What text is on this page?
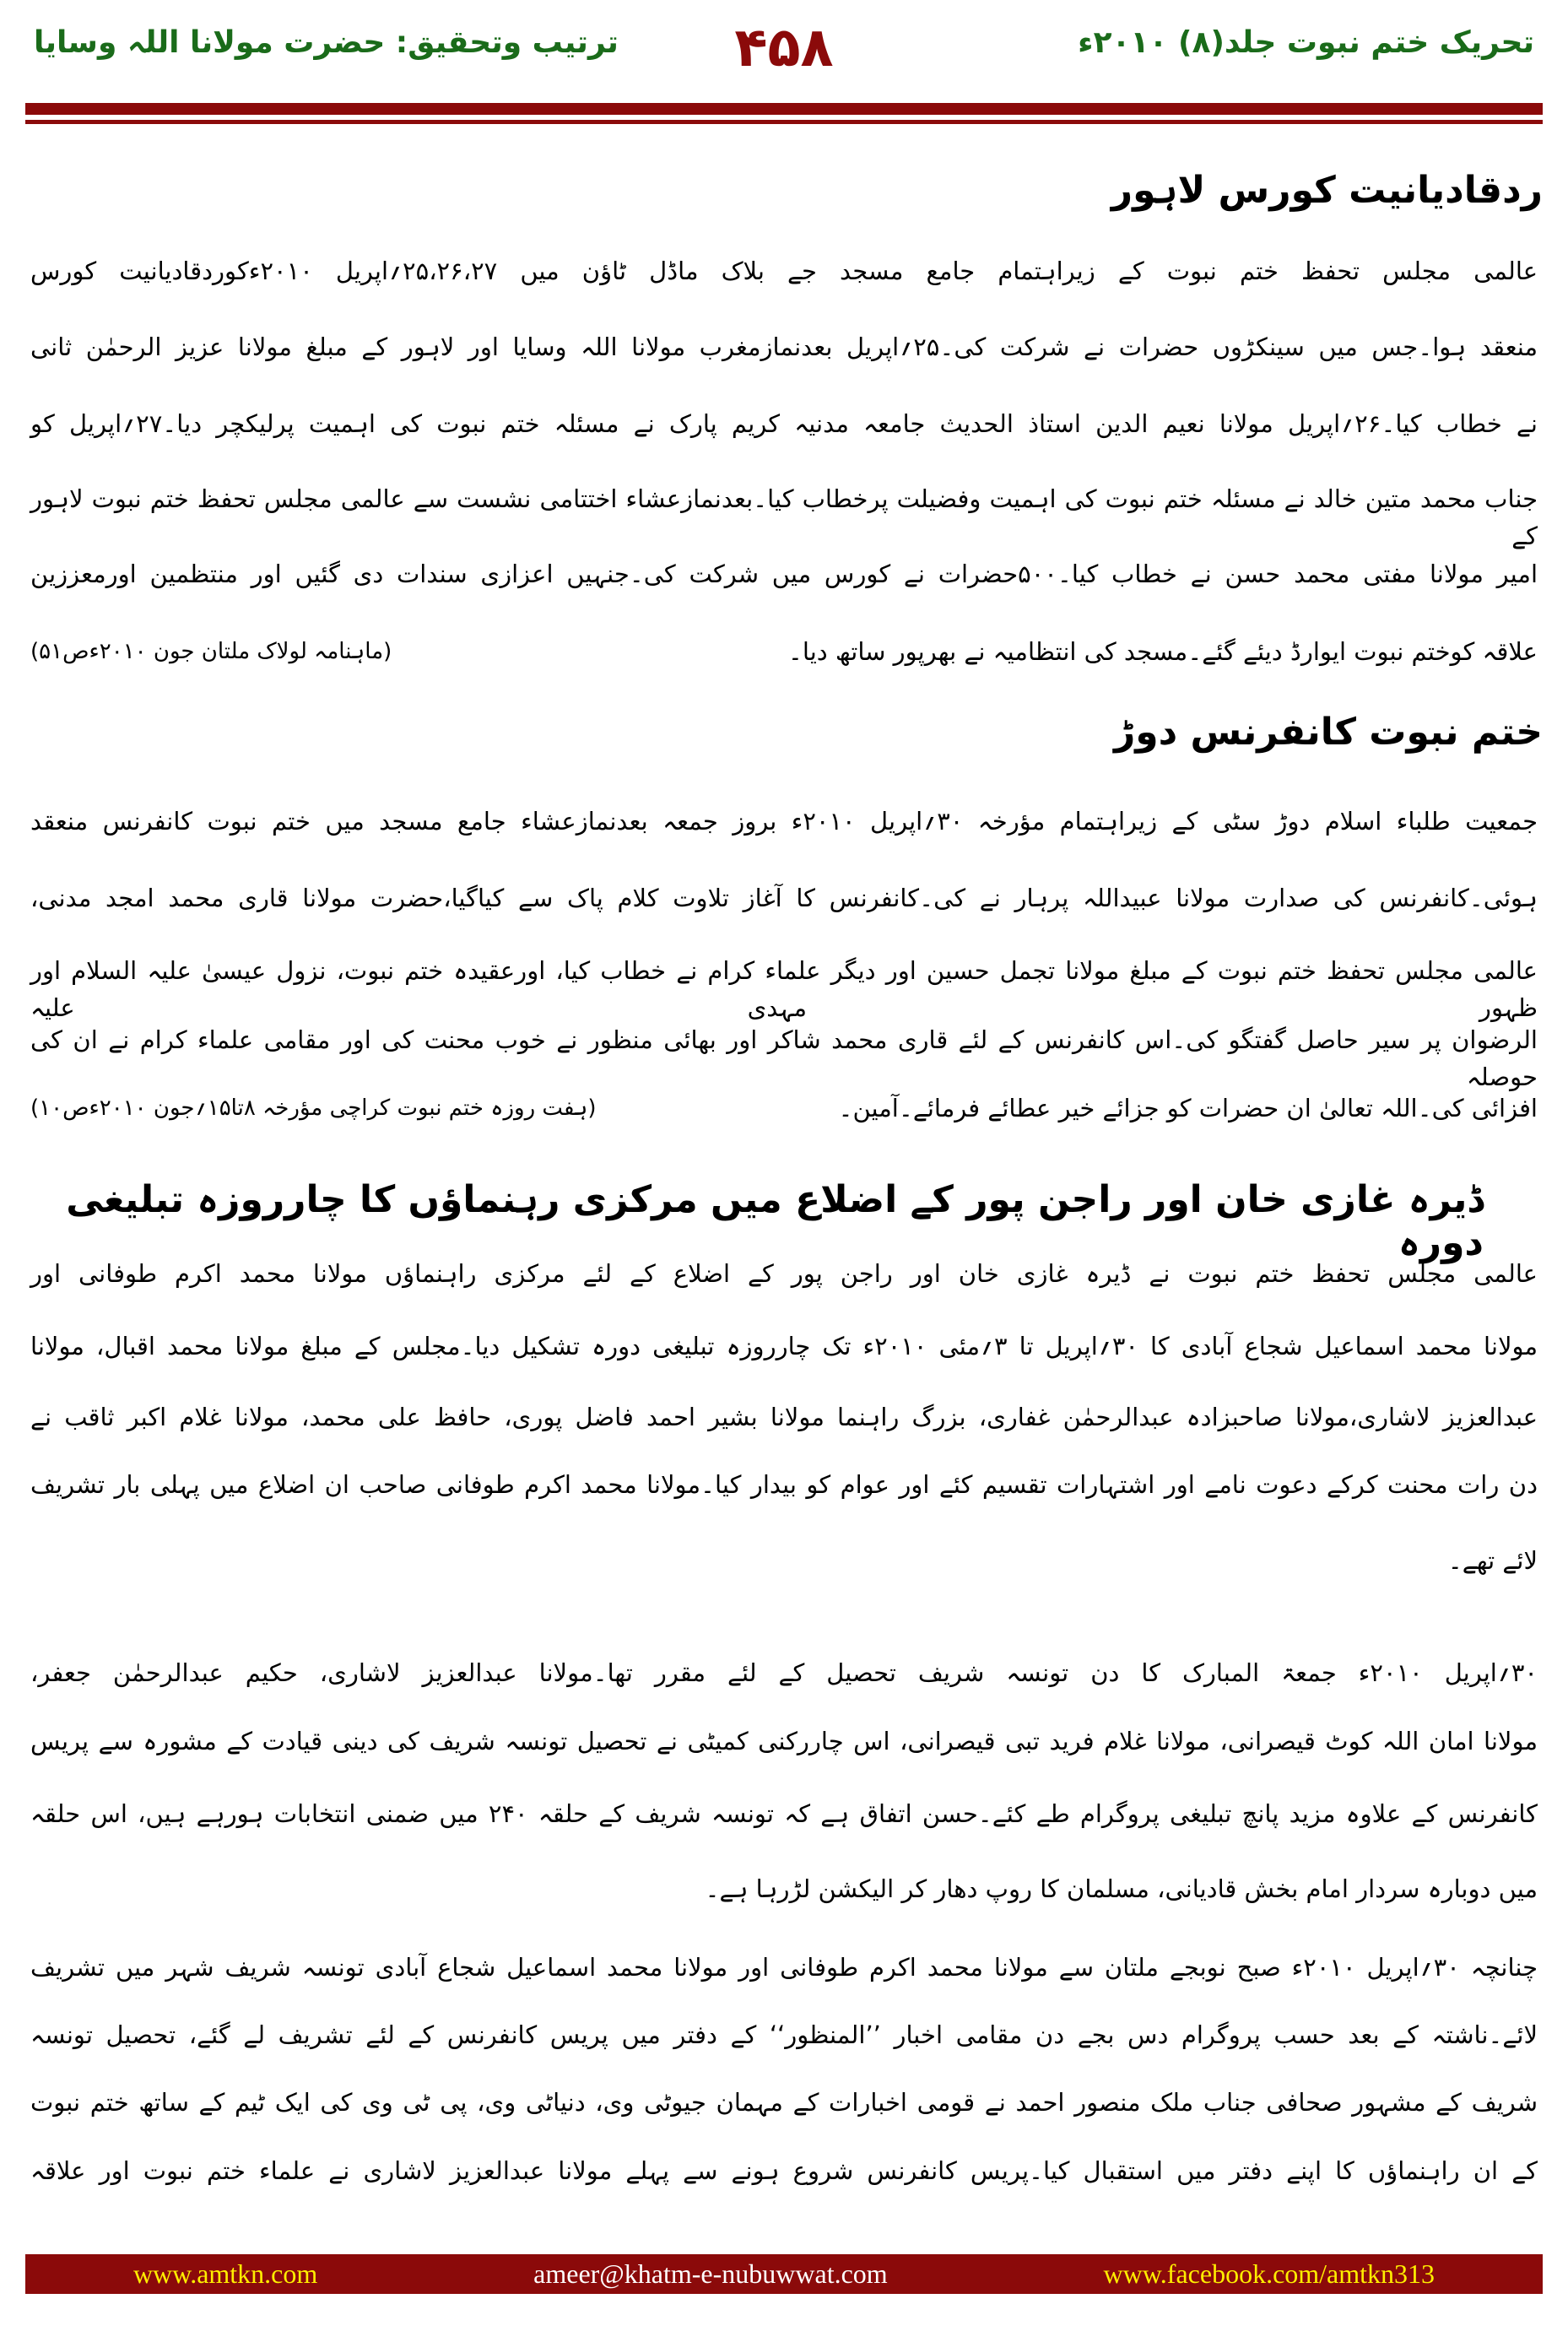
تحریک ختم نبوت جلد(۸) ۲۰۱۰ء
۴۵۸
ترتیب وتحقیق: حضرت مولانا اللہ وسایا
ردقادیانیت کورس لاہور
عالمی مجلس تحفظ ختم نبوت کے زیراہتمام جامع مسجد جے بلاک ماڈل ٹاؤن میں ۲۵،۲۶،۲۷؍اپریل ۲۰۱۰ءکوردقادیانیت کورس
منعقد ہوا۔جس میں سینکڑوں حضرات نے شرکت کی۔۲۵؍اپریل بعدنمازمغرب مولانا اللہ وسایا اور لاہور کے مبلغ مولانا عزیز الرحمٰن ثانی
نے خطاب کیا۔۲۶؍اپریل مولانا نعیم الدین استاذ الحدیث جامعہ مدنیہ کریم پارک نے مسئلہ ختم نبوت کی اہمیت پرلیکچر دیا۔۲۷؍اپریل کو
جناب محمد متین خالد نے مسئلہ ختم نبوت کی اہمیت وفضیلت پرخطاب کیا۔بعدنمازعشاء اختتامی نشست سے عالمی مجلس تحفظ ختم نبوت لاہور کے
امیر مولانا مفتی محمد حسن نے خطاب کیا۔۵۰۰حضرات نے کورس میں شرکت کی۔جنہیں اعزازی سندات دی گئیں اور منتظمین اورمعززین
علاقہ کوختم نبوت ایوارڈ دیئے گئے۔مسجد کی انتظامیہ نے بھرپور ساتھ دیا۔
(ماہنامہ لولاک ملتان جون ۲۰۱۰ءص۵۱)
ختم نبوت کانفرنس دوڑ
جمعیت طلباء اسلام دوڑ سٹی کے زیراہتمام مؤرخہ ۳۰؍اپریل ۲۰۱۰ء بروز جمعہ بعدنمازعشاء جامع مسجد میں ختم نبوت کانفرنس منعقد
ہوئی۔کانفرنس کی صدارت مولانا عبیداللہ پرہار نے کی۔کانفرنس کا آغاز تلاوت کلام پاک سے کیاگیا،حضرت مولانا قاری محمد امجد مدنی،
عالمی مجلس تحفظ ختم نبوت کے مبلغ مولانا تجمل حسین اور دیگر علماء کرام نے خطاب کیا، اورعقیدہ ختم نبوت، نزول عیسیٰ علیہ السلام اور ظہور مہدی علیہ
الرضوان پر سیر حاصل گفتگو کی۔اس کانفرنس کے لئے قاری محمد شاکر اور بھائی منظور نے خوب محنت کی اور مقامی علماء کرام نے ان کی حوصلہ
افزائی کی۔اللہ تعالیٰ ان حضرات کو جزائے خیر عطائے فرمائے۔آمین۔
(ہفت روزہ ختم نبوت کراچی مؤرخہ ۸تا۱۵؍جون ۲۰۱۰ءص۱۰)
ڈیرہ غازی خان اور راجن پور کے اضلاع میں مرکزی رہنماؤں کا چارروزہ تبلیغی دورہ
عالمی مجلس تحفظ ختم نبوت نے ڈیرہ غازی خان اور راجن پور کے اضلاع کے لئے مرکزی راہنماؤں مولانا محمد اکرم طوفانی اور
مولانا محمد اسماعیل شجاع آبادی کا ۳۰؍اپریل تا ۳؍مئی ۲۰۱۰ء تک چارروزہ تبلیغی دورہ تشکیل دیا۔مجلس کے مبلغ مولانا محمد اقبال، مولانا
عبدالعزیز لاشاری،مولانا صاحبزادہ عبدالرحمٰن غفاری، بزرگ راہنما مولانا بشیر احمد فاضل پوری، حافظ علی محمد، مولانا غلام اکبر ثاقب نے
دن رات محنت کرکے دعوت نامے اور اشتہارات تقسیم کئے اور عوام کو بیدار کیا۔مولانا محمد اکرم طوفانی صاحب ان اضلاع میں پہلی بار تشریف
لائے تھے۔
۳۰؍اپریل ۲۰۱۰ء جمعۃ المبارک کا دن تونسہ شریف تحصیل کے لئے مقرر تھا۔مولانا عبدالعزیز لاشاری، حکیم عبدالرحمٰن جعفر،
مولانا امان اللہ کوٹ قیصرانی، مولانا غلام فرید تبی قیصرانی، اس چاررکنی کمیٹی نے تحصیل تونسہ شریف کی دینی قیادت کے مشورہ سے پریس
کانفرنس کے علاوہ مزید پانچ تبلیغی پروگرام طے کئے۔حسن اتفاق ہے کہ تونسہ شریف کے حلقہ ۲۴۰ میں ضمنی انتخابات ہورہے ہیں، اس حلقہ
میں دوبارہ سردار امام بخش قادیانی، مسلمان کا روپ دھار کر الیکشن لڑرہا ہے۔
چنانچہ ۳۰؍اپریل ۲۰۱۰ء صبح نوبجے ملتان سے مولانا محمد اکرم طوفانی اور مولانا محمد اسماعیل شجاع آبادی تونسہ شریف شہر میں تشریف
لائے۔ناشتہ کے بعد حسب پروگرام دس بجے دن مقامی اخبار ’’المنظور‘‘ کے دفتر میں پریس کانفرنس کے لئے تشریف لے گئے، تحصیل تونسہ
شریف کے مشہور صحافی جناب ملک منصور احمد نے قومی اخبارات کے مہمان جیوٹی وی، دنیاٹی وی، پی ٹی وی کی ایک ٹیم کے ساتھ ختم نبوت
کے ان راہنماؤں کا اپنے دفتر میں استقبال کیا۔پریس کانفرنس شروع ہونے سے پہلے مولانا عبدالعزیز لاشاری نے علماء ختم نبوت اور علاقہ
www.amtkn.com	ameer@khatm-e-nubuwwat.com	www.facebook.com/amtkn313
